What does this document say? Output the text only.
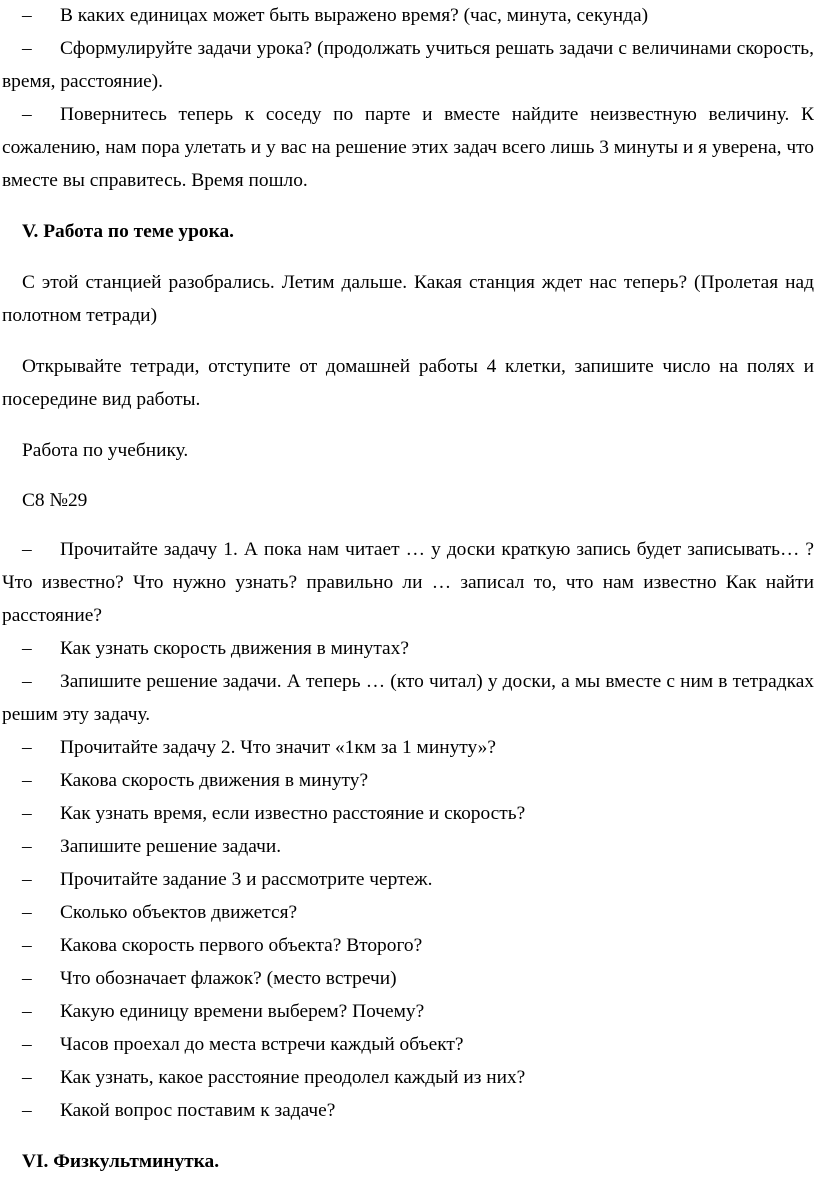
– В каких единицах может быть выражено время? (час, минута, секунда)

– Сформулируйте задачи урока? (продолжать учиться решать задачи с величинами скорость, время, расстояние).

– Повернитесь теперь к соседу по парте и вместе найдите неизвестную величину. К сожалению, нам пора улетать и у вас на решение этих задач всего лишь 3 минуты и я уверена, что вместе вы справитесь. Время пошло.

V. Работа по теме урока.

С этой станцией разобрались. Летим дальше. Какая станция ждет нас теперь? (Пролетая над полотном тетради)

Открывайте тетради, отступите от домашней работы 4 клетки, запишите число на полях и посередине вид работы.

Работа по учебнику.

С8 №29

– Прочитайте задачу 1. А пока нам читает … у доски краткую запись будет записывать… ? Что известно? Что нужно узнать? правильно ли … записал то, что нам известно Как найти расстояние?

– Как узнать скорость движения в минутах?

– Запишите решение задачи. А теперь … (кто читал) у доски, а мы вместе с ним в тетрадках решим эту задачу.

– Прочитайте задачу 2. Что значит «1км за 1 минуту»?

– Какова скорость движения в минуту?

– Как узнать время, если известно расстояние и скорость?

– Запишите решение задачи.

– Прочитайте задание 3 и рассмотрите чертеж.

– Сколько объектов движется?

– Какова скорость первого объекта? Второго?

– Что обозначает флажок? (место встречи)

– Какую единицу времени выберем? Почему?

– Часов проехал до места встречи каждый объект?

– Как узнать, какое расстояние преодолел каждый из них?

– Какой вопрос поставим к задаче?

VI. Физкультминутка.
